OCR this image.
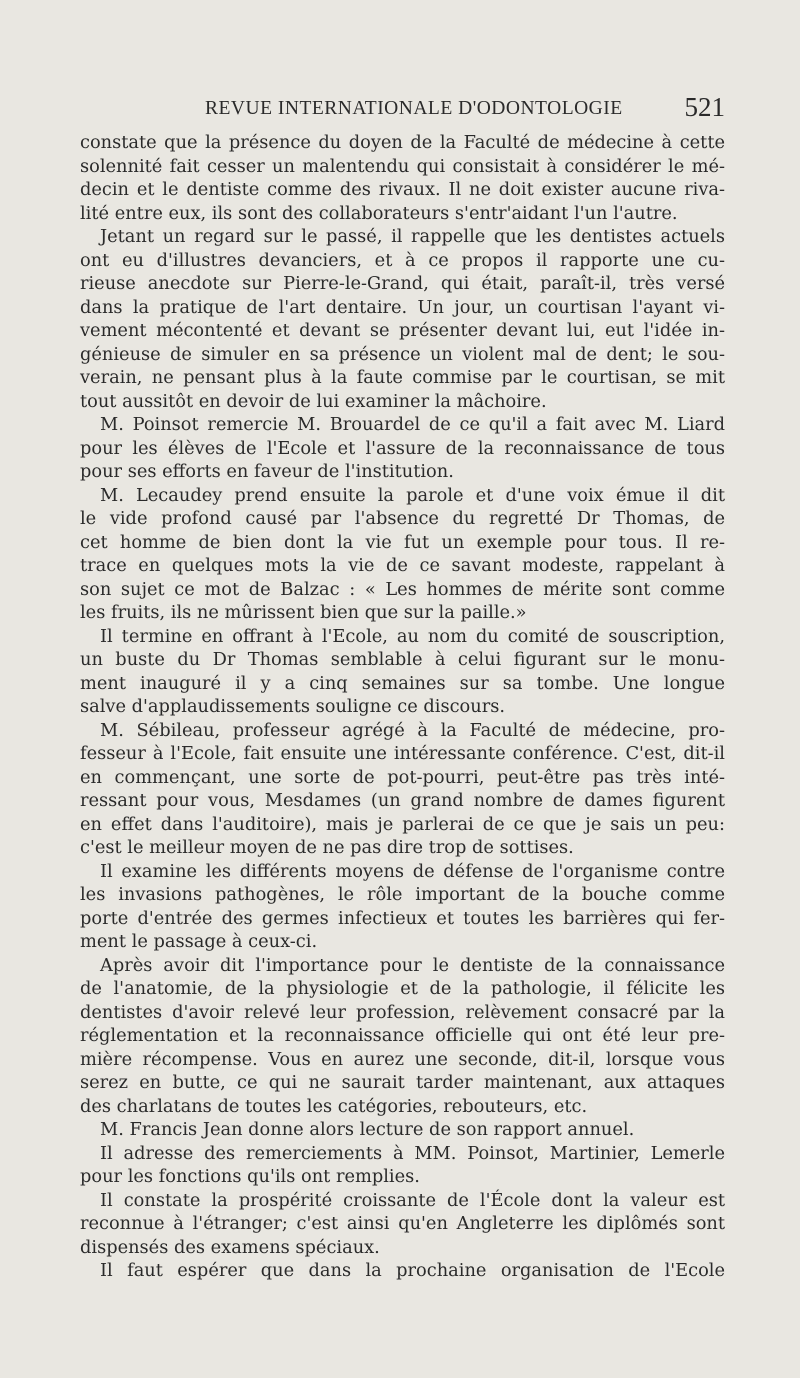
REVUE INTERNATIONALE D'ODONTOLOGIE 521
constate que la présence du doyen de la Faculté de médecine à cette
solennité fait cesser un malentendu qui consistait à considérer le mé-
decin et le dentiste comme des rivaux. Il ne doit exister aucune riva-
lité entre eux, ils sont des collaborateurs s'entr'aidant l'un l'autre.
Jetant un regard sur le passé, il rappelle que les dentistes actuels
ont eu d'illustres devanciers, et à ce propos il rapporte une cu-
rieuse anecdote sur Pierre-le-Grand, qui était, paraît-il, très versé
dans la pratique de l'art dentaire. Un jour, un courtisan l'ayant vi-
vement mécontenté et devant se présenter devant lui, eut l'idée in-
génieuse de simuler en sa présence un violent mal de dent; le sou-
verain, ne pensant plus à la faute commise par le courtisan, se mit
tout aussitôt en devoir de lui examiner la mâchoire.
M. Poinsot remercie M. Brouardel de ce qu'il a fait avec M. Liard
pour les élèves de l'Ecole et l'assure de la reconnaissance de tous
pour ses efforts en faveur de l'institution.
M. Lecaudey prend ensuite la parole et d'une voix émue il dit
le vide profond causé par l'absence du regretté Dr Thomas, de
cet homme de bien dont la vie fut un exemple pour tous. Il re-
trace en quelques mots la vie de ce savant modeste, rappelant à
son sujet ce mot de Balzac : « Les hommes de mérite sont comme
les fruits, ils ne mûrissent bien que sur la paille.»
Il termine en offrant à l'Ecole, au nom du comité de souscription,
un buste du Dr Thomas semblable à celui figurant sur le monu-
ment inauguré il y a cinq semaines sur sa tombe. Une longue
salve d'applaudissements souligne ce discours.
M. Sébileau, professeur agrégé à la Faculté de médecine, pro-
fesseur à l'Ecole, fait ensuite une intéressante conférence. C'est, dit-il
en commençant, une sorte de pot-pourri, peut-être pas très inté-
ressant pour vous, Mesdames (un grand nombre de dames figurent
en effet dans l'auditoire), mais je parlerai de ce que je sais un peu:
c'est le meilleur moyen de ne pas dire trop de sottises.
Il examine les différents moyens de défense de l'organisme contre
les invasions pathogènes, le rôle important de la bouche comme
porte d'entrée des germes infectieux et toutes les barrières qui fer-
ment le passage à ceux-ci.
Après avoir dit l'importance pour le dentiste de la connaissance
de l'anatomie, de la physiologie et de la pathologie, il félicite les
dentistes d'avoir relevé leur profession, relèvement consacré par la
réglementation et la reconnaissance officielle qui ont été leur pre-
mière récompense. Vous en aurez une seconde, dit-il, lorsque vous
serez en butte, ce qui ne saurait tarder maintenant, aux attaques
des charlatans de toutes les catégories, rebouteurs, etc.
M. Francis Jean donne alors lecture de son rapport annuel.
Il adresse des remerciements à MM. Poinsot, Martinier, Lemerle
pour les fonctions qu'ils ont remplies.
Il constate la prospérité croissante de l'École dont la valeur est
reconnue à l'étranger; c'est ainsi qu'en Angleterre les diplômés sont
dispensés des examens spéciaux.
Il faut espérer que dans la prochaine organisation de l'Ecole
